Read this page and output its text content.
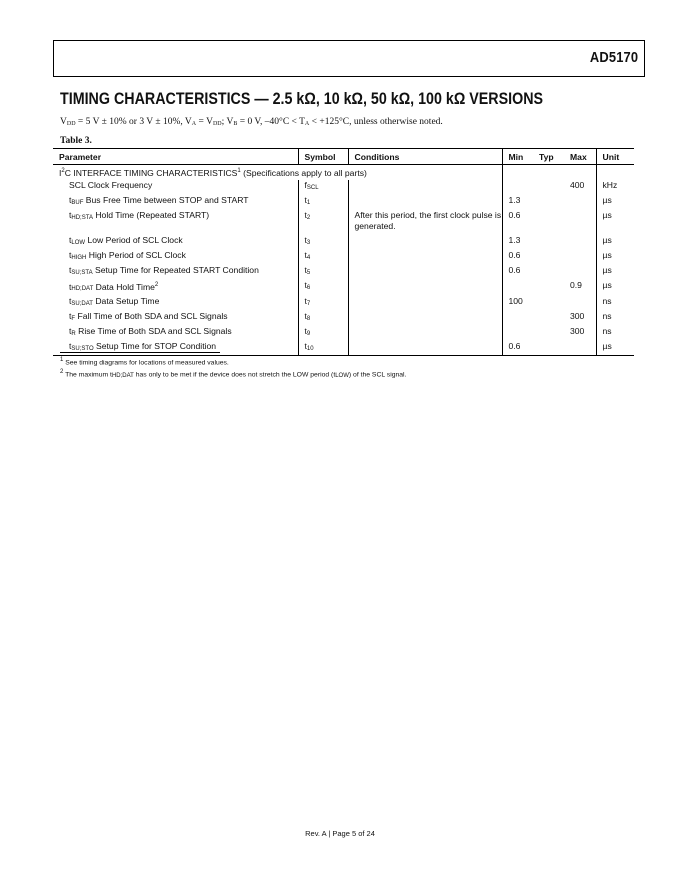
AD5170
TIMING CHARACTERISTICS — 2.5 kΩ, 10 kΩ, 50 kΩ, 100 kΩ VERSIONS
VDD = 5 V ± 10% or 3 V ± 10%, VA = VDD; VB = 0 V, –40°C < TA < +125°C, unless otherwise noted.
Table 3.
Parameter	Symbol	Conditions	Min	Typ	Max	Unit

$I^2C$ INTERFACE TIMING CHARACTERISTICS$^1$ (Specifications apply to all parts)						

SCL Clock Frequency	fSCL				400	kHz
tBUF Bus Free Time between STOP and START	t1		1.3			µs
tHD;STA Hold Time (Repeated START)	t2	After this period, the first clock pulse is generated.	0.6			µs
tLOW Low Period of SCL Clock	t3		1.3			µs
tHIGH High Period of SCL Clock	t4		0.6			µs
tSU;STA Setup Time for Repeated START Condition	t5		0.6			µs
tHD;DAT Data Hold Time$^2$	t6				0.9	µs
tSU;DAT Data Setup Time	t7		100			ns
tF Fall Time of Both SDA and SCL Signals	t8				300	ns
tR Rise Time of Both SDA and SCL Signals	t9				300	ns
tSU;STO Setup Time for STOP Condition	t10		0.6			µs
1 See timing diagrams for locations of measured values.
2 The maximum tHD;DAT has only to be met if the device does not stretch the LOW period (tLOW) of the SCL signal.
Rev. A | Page 5 of 24
